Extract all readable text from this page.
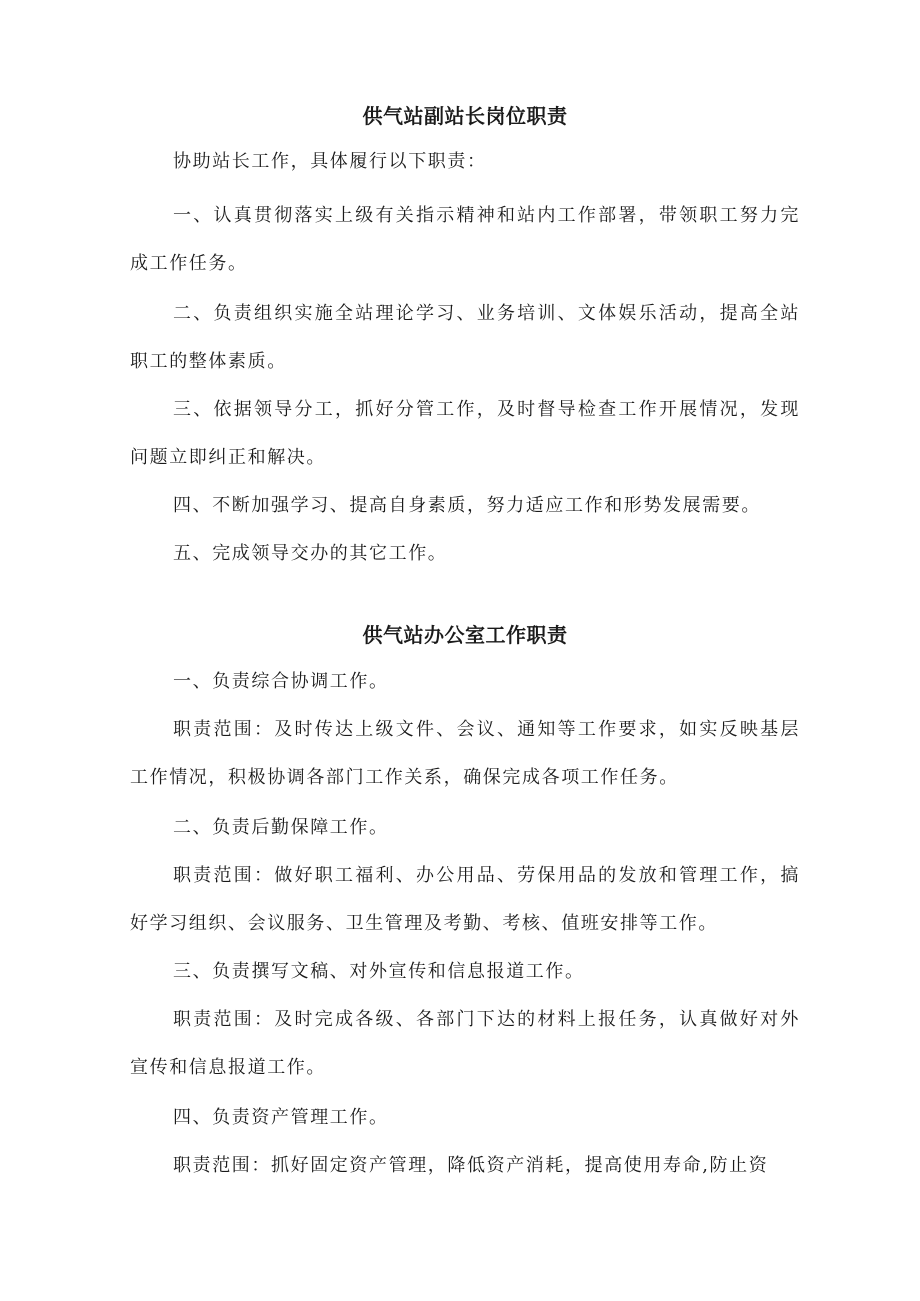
供气站副站长岗位职责

协助站长工作，具体履行以下职责：

一、认真贯彻落实上级有关指示精神和站内工作部署，带领职工努力完成工作任务。

二、负责组织实施全站理论学习、业务培训、文体娱乐活动，提高全站职工的整体素质。

三、依据领导分工，抓好分管工作，及时督导检查工作开展情况，发现问题立即纠正和解决。

四、不断加强学习、提高自身素质，努力适应工作和形势发展需要。

五、完成领导交办的其它工作。

供气站办公室工作职责

一、负责综合协调工作。

职责范围：及时传达上级文件、会议、通知等工作要求，如实反映基层工作情况，积极协调各部门工作关系，确保完成各项工作任务。

二、负责后勤保障工作。

职责范围：做好职工福利、办公用品、劳保用品的发放和管理工作，搞好学习组织、会议服务、卫生管理及考勤、考核、值班安排等工作。

三、负责撰写文稿、对外宣传和信息报道工作。

职责范围：及时完成各级、各部门下达的材料上报任务，认真做好对外宣传和信息报道工作。

四、负责资产管理工作。

职责范围：抓好固定资产管理，降低资产消耗，提高使用寿命,防止资
